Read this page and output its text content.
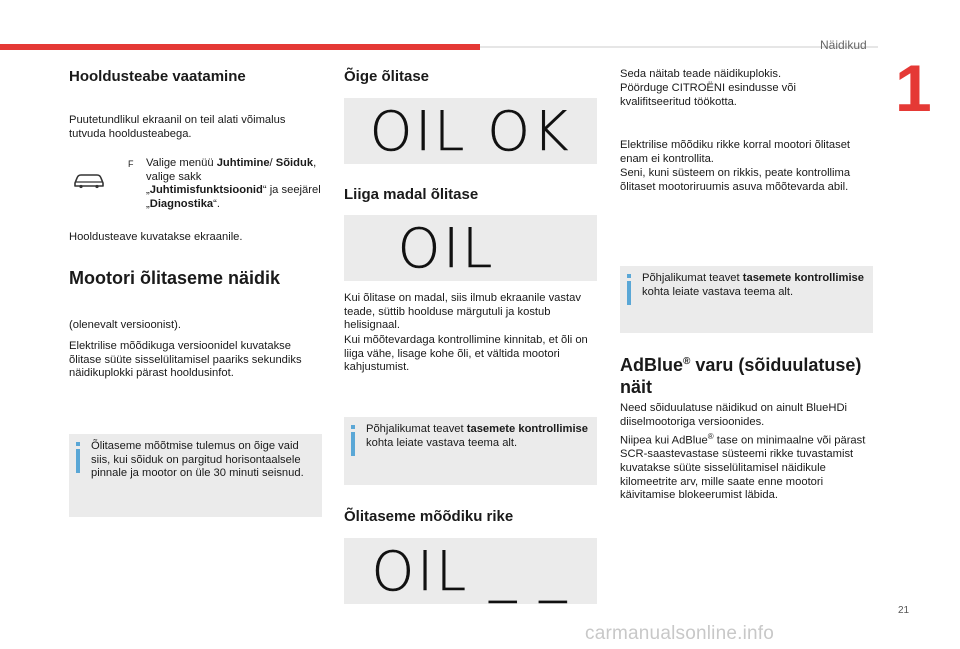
Näidikud
1
Hooldusteabe vaatamine

Puutetundlikul ekraanil on teil alati võimalus tutvuda hooldusteabega.

F Valige menüü Juhtimine/ Sõiduk, valige sakk „Juhtimisfunktsioonid“ ja seejärel „Diagnostika“.

Hooldusteave kuvatakse ekraanile.

Mootori õlitaseme näidik

(olenevalt versioonist).

Elektrilise mõõdikuga versioonidel kuvatakse õlitase süüte sisselülitamisel paariks sekundiks näidikuplokki pärast hooldusinfot.

Õlitaseme mõõtmise tulemus on õige vaid siis, kui sõiduk on pargitud horisontaalsele pinnale ja mootor on üle 30 minuti seisnud.

Õige õlitase
OIL OK
Liiga madal õlitase
OIL

Kui õlitase on madal, siis ilmub ekraanile vastav teade, süttib hoolduse märgutuli ja kostub helisignaal.

Kui mõõtevardaga kontrollimine kinnitab, et õli on liiga vähe, lisage kohe õli, et vältida mootori kahjustumist.

Põhjalikumat teavet tasemete kontrollimise kohta leiate vastava teema alt.

Õlitaseme mõõdiku rike
OIL _ _

Seda näitab teade näidikuplokis.

Pöörduge CITROËNI esindusse või kvalifitseeritud töökotta.

Elektrilise mõõdiku rikke korral mootori õlitaset enam ei kontrollita.

Seni, kuni süsteem on rikkis, peate kontrollima õlitaset mootoriruumis asuva mõõtevarda abil.

Põhjalikumat teavet tasemete kontrollimise kohta leiate vastava teema alt.

AdBlue® varu (sõiduulatuse) näit

Need sõiduulatuse näidikud on ainult BlueHDi diiselmootoriga versioonides.

Niipea kui AdBlue® tase on minimaalne või pärast SCR-saastevastase süsteemi rikke tuvastamist kuvatakse süüte sisselülitamisel näidikule kilomeetrite arv, mille saate enne mootori käivitamise blokeerumist läbida.

21
carmanualsonline.info
